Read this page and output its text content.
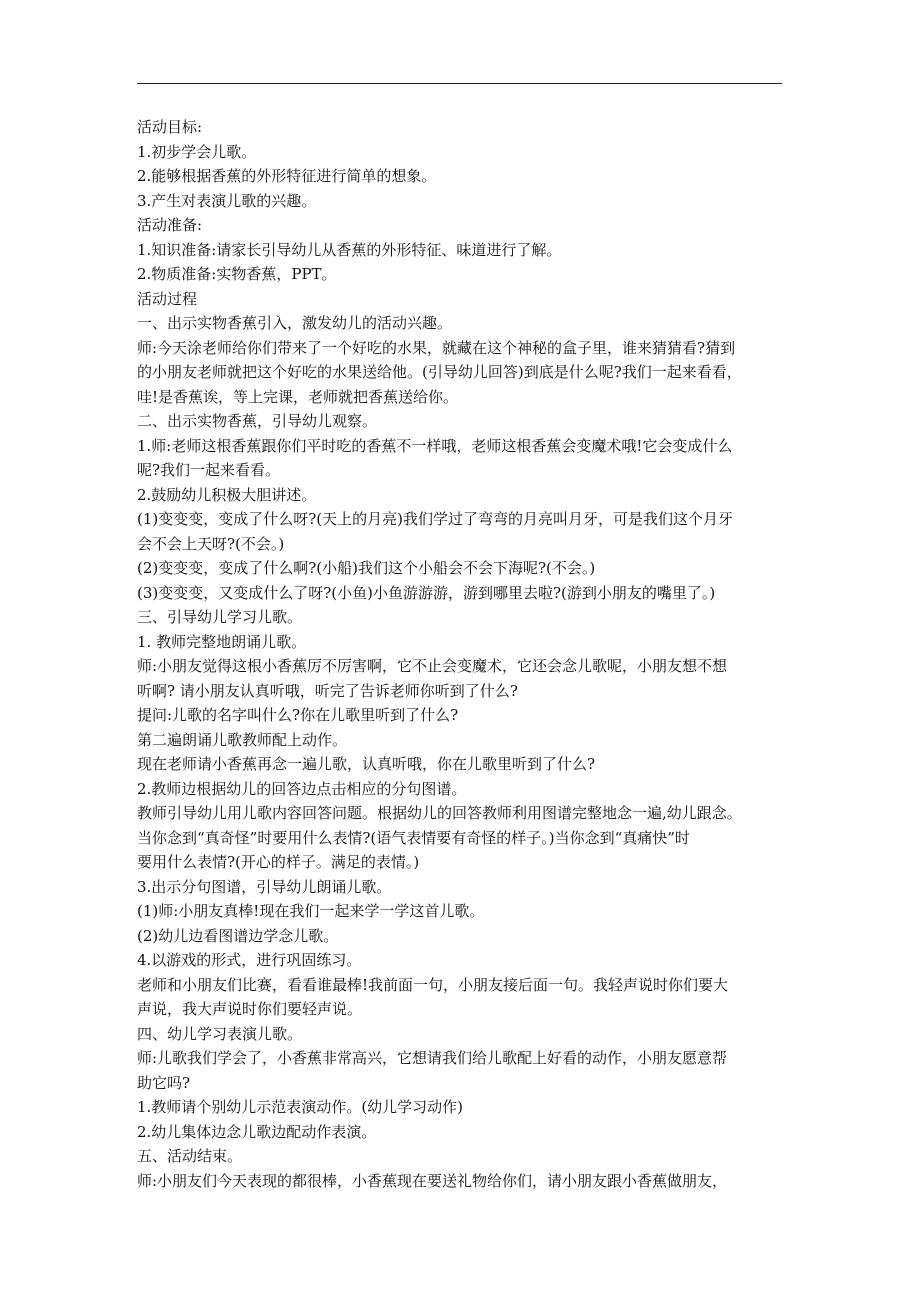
活动目标:
1.初步学会儿歌。
2.能够根据香蕉的外形特征进行简单的想象。
3.产生对表演儿歌的兴趣。
活动准备:
1.知识准备:请家长引导幼儿从香蕉的外形特征、味道进行了解。
2.物质准备:实物香蕉，PPT。
活动过程
一、出示实物香蕉引入，激发幼儿的活动兴趣。
师:今天涂老师给你们带来了一个好吃的水果，就藏在这个神秘的盒子里，谁来猜猜看?猜到
的小朋友老师就把这个好吃的水果送给他。(引导幼儿回答)到底是什么呢?我们一起来看看，
哇!是香蕉诶，等上完课，老师就把香蕉送给你。
二、出示实物香蕉，引导幼儿观察。
1.师:老师这根香蕉跟你们平时吃的香蕉不一样哦，老师这根香蕉会变魔术哦!它会变成什么
呢?我们一起来看看。
2.鼓励幼儿积极大胆讲述。
(1)变变变，变成了什么呀?(天上的月亮)我们学过了弯弯的月亮叫月牙，可是我们这个月牙
会不会上天呀?(不会。)
(2)变变变，变成了什么啊?(小船)我们这个小船会不会下海呢?(不会。)
(3)变变变，又变成什么了呀?(小鱼)小鱼游游游，游到哪里去啦?(游到小朋友的嘴里了。)
三、引导幼儿学习儿歌。
1. 教师完整地朗诵儿歌。
师:小朋友觉得这根小香蕉厉不厉害啊，它不止会变魔术，它还会念儿歌呢，小朋友想不想
听啊? 请小朋友认真听哦，听完了告诉老师你听到了什么?
提问:儿歌的名字叫什么?你在儿歌里听到了什么?
第二遍朗诵儿歌教师配上动作。
现在老师请小香蕉再念一遍儿歌，认真听哦，你在儿歌里听到了什么?
2.教师边根据幼儿的回答边点击相应的分句图谱。
教师引导幼儿用儿歌内容回答问题。根据幼儿的回答教师利用图谱完整地念一遍,幼儿跟念。
当你念到“真奇怪”时要用什么表情?(语气表情要有奇怪的样子。)当你念到“真痛快”时
要用什么表情?(开心的样子。满足的表情。)
3.出示分句图谱，引导幼儿朗诵儿歌。
(1)师:小朋友真棒!现在我们一起来学一学这首儿歌。
(2)幼儿边看图谱边学念儿歌。
4.以游戏的形式，进行巩固练习。
老师和小朋友们比赛，看看谁最棒!我前面一句，小朋友接后面一句。我轻声说时你们要大
声说，我大声说时你们要轻声说。
四、幼儿学习表演儿歌。
师:儿歌我们学会了，小香蕉非常高兴，它想请我们给儿歌配上好看的动作，小朋友愿意帮
助它吗?
1.教师请个别幼儿示范表演动作。(幼儿学习动作)
2.幼儿集体边念儿歌边配动作表演。
五、活动结束。
师:小朋友们今天表现的都很棒，小香蕉现在要送礼物给你们，请小朋友跟小香蕉做朋友，
